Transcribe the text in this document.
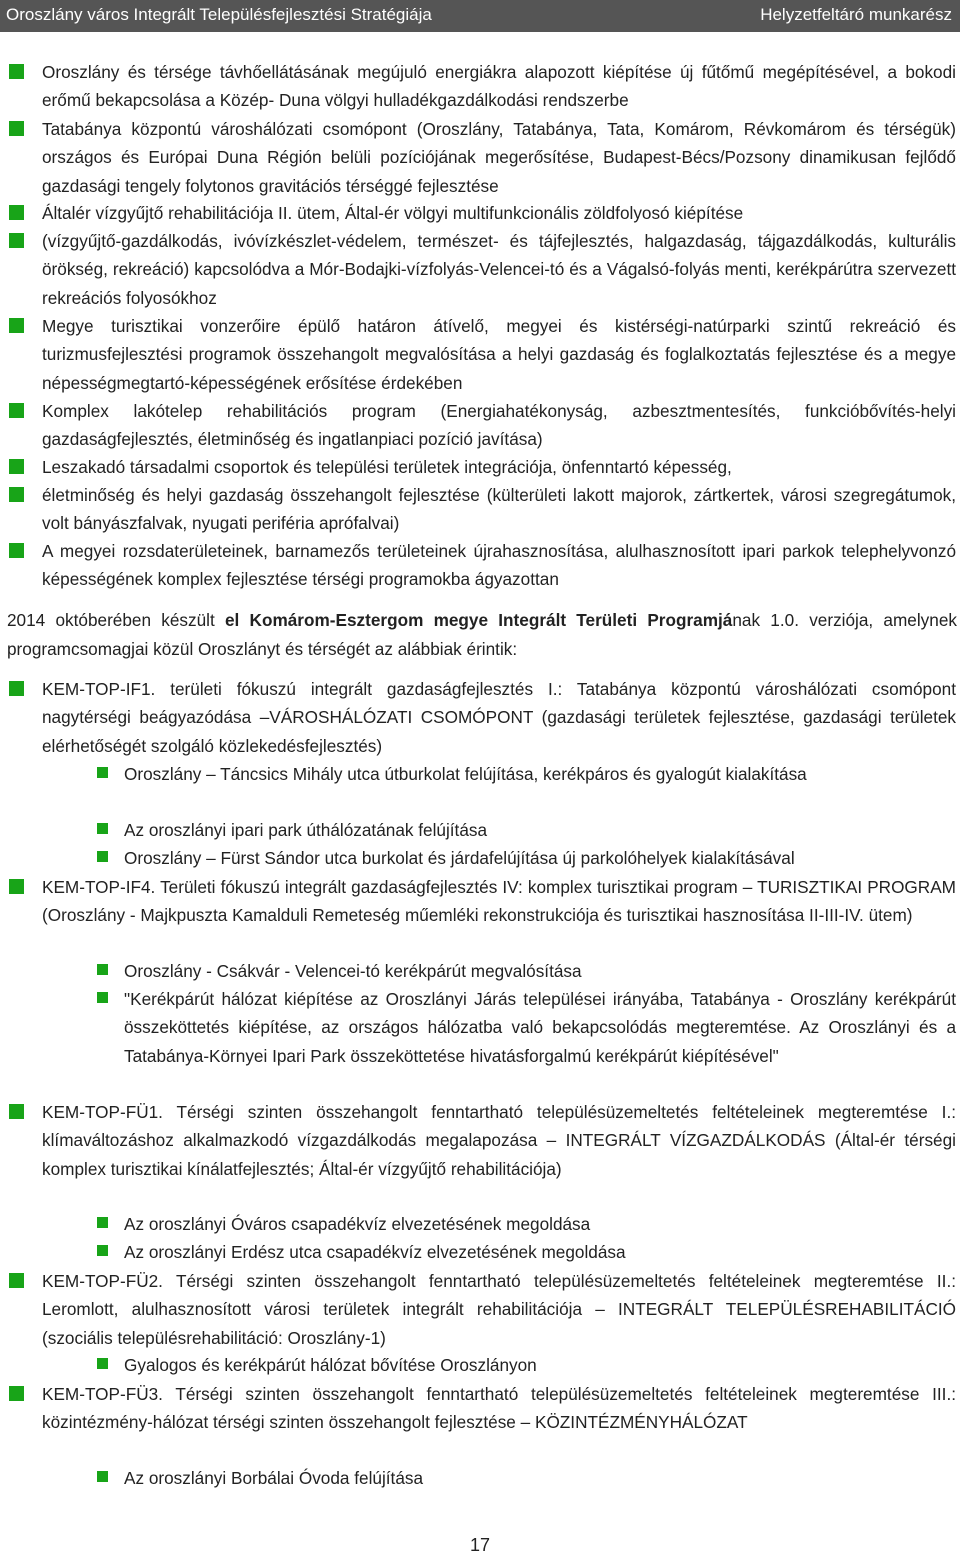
Oroszlány város Integrált Településfejlesztési Stratégiája	Helyzetfeltáró munkarész
Oroszlány és térsége távhőellátásának megújuló energiákra alapozott kiépítése új fűtőmű megépítésével, a bokodi erőmű bekapcsolása a Közép- Duna völgyi hulladékgazdálkodási rendszerbe
Tatabánya központú városhálózati csomópont (Oroszlány, Tatabánya, Tata, Komárom, Révkomárom és térségük) országos és Európai Duna Régión belüli pozíciójának megerősítése, Budapest-Bécs/Pozsony dinamikusan fejlődő gazdasági tengely folytonos gravitációs térséggé fejlesztése
Általér vízgyűjtő rehabilitációja II. ütem, Által-ér völgyi multifunkcionális zöldfolyosó kiépítése
(vízgyűjtő-gazdálkodás, ivóvízkészlet-védelem, természet- és tájfejlesztés, halgazdaság, tájgazdálkodás, kulturális örökség, rekreáció) kapcsolódva a Mór-Bodajki-vízfolyás-Velencei-tó és a Vágalsó-folyás menti, kerékpárútra szervezett rekreációs folyosókhoz
Megye turisztikai vonzerőire épülő határon átívelő, megyei és kistérségi-natúrparki szintű rekreáció és turizmusfejlesztési programok összehangolt megvalósítása a helyi gazdaság és foglalkoztatás fejlesztése és a megye népességmegtartó-képességének erősítése érdekében
Komplex lakótelep rehabilitációs program (Energiahatékonyság, azbesztmentesítés, funkcióbővítés-helyi gazdaságfejlesztés, életminőség és ingatlanpiaci pozíció javítása)
Leszakadó társadalmi csoportok és települési területek integrációja, önfenntartó képesség,
életminőség és helyi gazdaság összehangolt fejlesztése (külterületi lakott majorok, zártkertek, városi szegregátumok, volt bányászfalvak, nyugati periféria aprófalvai)
A megyei rozsdaterületeinek, barnamezős területeinek újrahasznosítása, alulhasznosított ipari parkok telephelyvonzó képességének komplex fejlesztése térségi programokba ágyazottan
2014 októberében készült el Komárom-Esztergom megye Integrált Területi Programjának 1.0. verziója, amelynek programcsomagjai közül Oroszlányt és térségét az alábbiak érintik:
KEM-TOP-IF1. területi fókuszú integrált gazdaságfejlesztés I.: Tatabánya központú városhálózati csomópont nagytérségi beágyazódása –VÁROSHÁLÓZATI CSOMÓPONT (gazdasági területek fejlesztése, gazdasági területek elérhetőségét szolgáló közlekedésfejlesztés)
Oroszlány – Táncsics Mihály utca útburkolat felújítása, kerékpáros és gyalogút kialakítása
Az oroszlányi ipari park úthálózatának felújítása
Oroszlány – Fürst Sándor utca burkolat és járdafelújítása új parkolóhelyek kialakításával
KEM-TOP-IF4. Területi fókuszú integrált gazdaságfejlesztés IV: komplex turisztikai program – TURISZTIKAI PROGRAM (Oroszlány - Majkpuszta Kamalduli Remeteség műemléki rekonstrukciója és turisztikai hasznosítása II-III-IV. ütem)
Oroszlány - Csákvár - Velencei-tó kerékpárút megvalósítása
"Kerékpárút hálózat kiépítése az Oroszlányi Járás települései irányába, Tatabánya - Oroszlány kerékpárút összeköttetés kiépítése, az országos hálózatba való bekapcsolódás megteremtése. Az Oroszlányi és a Tatabánya-Környei Ipari Park összeköttetése hivatásforgalmú kerékpárút kiépítésével"
KEM-TOP-FÜ1. Térségi szinten összehangolt fenntartható településüzemeltetés feltételeinek megteremtése I.: klímaváltozáshoz alkalmazkodó vízgazdálkodás megalapozása – INTEGRÁLT VÍZGAZDÁLKODÁS (Által-ér térségi komplex turisztikai kínálatfejlesztés; Által-ér vízgyűjtő rehabilitációja)
Az oroszlányi Óváros csapadékvíz elvezetésének megoldása
Az oroszlányi Erdész utca csapadékvíz elvezetésének megoldása
KEM-TOP-FÜ2. Térségi szinten összehangolt fenntartható településüzemeltetés feltételeinek megteremtése II.: Leromlott, alulhasznosított városi területek integrált rehabilitációja – INTEGRÁLT TELEPÜLÉSREHABILITÁCIÓ (szociális településrehabilitáció: Oroszlány-1)
Gyalogos és kerékpárút hálózat bővítése Oroszlányon
KEM-TOP-FÜ3. Térségi szinten összehangolt fenntartható településüzemeltetés feltételeinek megteremtése III.: közintézmény-hálózat térségi szinten összehangolt fejlesztése – KÖZINTÉZMÉNYHÁLÓZAT
Az oroszlányi Borbálai Óvoda felújítása
17
